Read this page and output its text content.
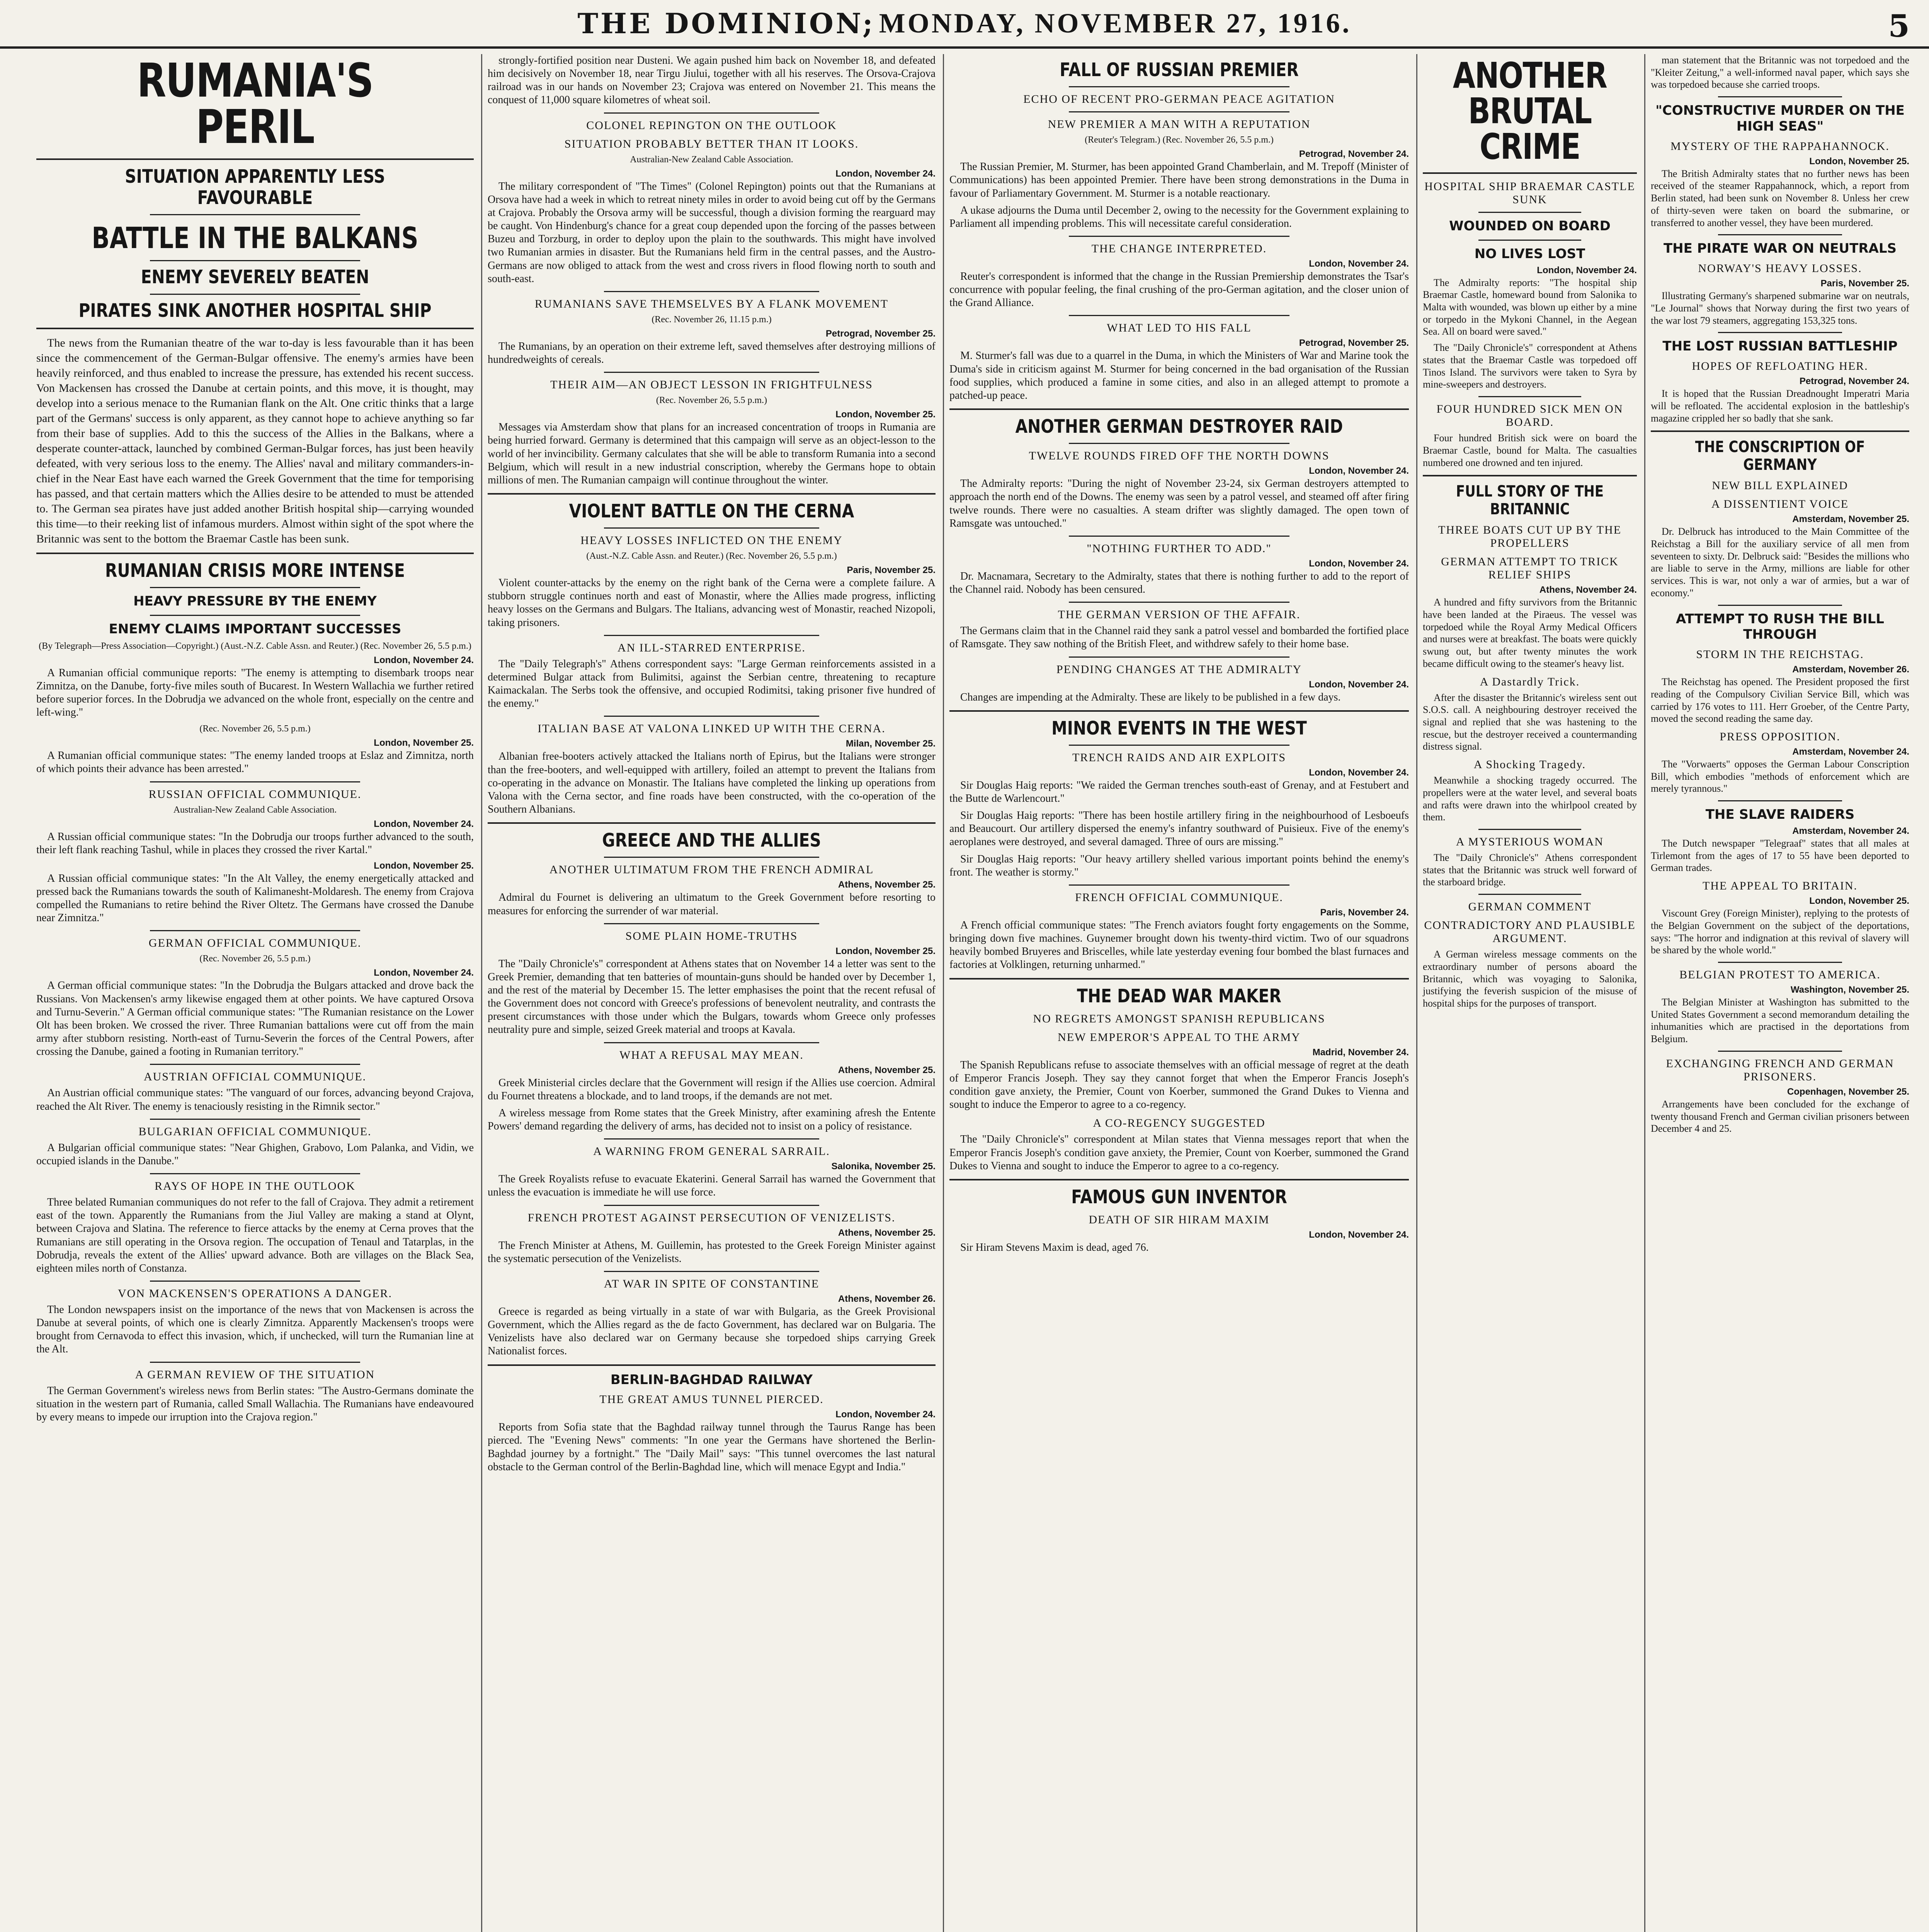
THE DOMINION;
MONDAY, NOVEMBER 27, 1916.	5
RUMANIA'S PERIL
SITUATION APPARENTLY LESS FAVOURABLE
BATTLE IN THE BALKANS
ENEMY SEVERELY BEATEN
PIRATES SINK ANOTHER HOSPITAL SHIP

The news from the Rumanian theatre of the war to-day is less favourable than it has been since the commencement of the German-Bulgar offensive. The enemy's armies have been heavily reinforced, and thus enabled to increase the pressure, has extended his recent success. Von Mackensen has crossed the Danube at certain points, and this move, it is thought, may develop into a serious menace to the Rumanian flank on the Alt. One critic thinks that a large part of the Germans' success is only apparent, as they cannot hope to achieve anything so far from their base of supplies. Add to this the success of the Allies in the Balkans, where a desperate counter-attack, launched by combined German-Bulgar forces, has just been heavily defeated, with very serious loss to the enemy. The Allies' naval and military commanders-in-chief in the Near East have each warned the Greek Government that the time for temporising has passed, and that certain matters which the Allies desire to be attended to must be attended to. The German sea pirates have just added another British hospital ship—carrying wounded this time—to their reeking list of infamous murders. Almost within sight of the spot where the Britannic was sent to the bottom the Braemar Castle has been sunk.

RUMANIAN CRISIS MORE INTENSE
HEAVY PRESSURE BY THE ENEMY
ENEMY CLAIMS IMPORTANT SUCCESSES
(By Telegraph—Press Association—Copyright.) (Aust.-N.Z. Cable Assn. and Reuter.) (Rec. November 26, 5.5 p.m.)
London, November 24.

A Rumanian official communique reports: "The enemy is attempting to disembark troops near Zimnitza, on the Danube, forty-five miles south of Bucarest. In Western Wallachia we further retired before superior forces. In the Dobrudja we advanced on the whole front, especially on the centre and left-wing."

(Rec. November 26, 5.5 p.m.)
London, November 25.

A Rumanian official communique states: "The enemy landed troops at Eslaz and Zimnitza, north of which points their advance has been arrested."

RUSSIAN OFFICIAL COMMUNIQUE.
Australian-New Zealand Cable Association.
London, November 24.

A Russian official communique states: "In the Dobrudja our troops further advanced to the south, their left flank reaching Tashul, while in places they crossed the river Kartal."

London, November 25.

A Russian official communique states: "In the Alt Valley, the enemy energetically attacked and pressed back the Rumanians towards the south of Kalimanesht-Moldaresh. The enemy from Crajova compelled the Rumanians to retire behind the River Oltetz. The Germans have crossed the Danube near Zimnitza."

GERMAN OFFICIAL COMMUNIQUE.
(Rec. November 26, 5.5 p.m.)
London, November 24.

A German official communique states: "In the Dobrudja the Bulgars attacked and drove back the Russians. Von Mackensen's army likewise engaged them at other points. We have captured Orsova and Turnu-Severin." A German official communique states: "The Rumanian resistance on the Lower Olt has been broken. We crossed the river. Three Rumanian battalions were cut off from the main army after stubborn resisting. North-east of Turnu-Severin the forces of the Central Powers, after crossing the Danube, gained a footing in Rumanian territory."

AUSTRIAN OFFICIAL COMMUNIQUE.

An Austrian official communique states: "The vanguard of our forces, advancing beyond Crajova, reached the Alt River. The enemy is tenaciously resisting in the Rimnik sector."

BULGARIAN OFFICIAL COMMUNIQUE.

A Bulgarian official communique states: "Near Ghighen, Grabovo, Lom Palanka, and Vidin, we occupied islands in the Danube."

RAYS OF HOPE IN THE OUTLOOK

Three belated Rumanian communiques do not refer to the fall of Crajova. They admit a retirement east of the town. Apparently the Rumanians from the Jiul Valley are making a stand at Olynt, between Crajova and Slatina. The reference to fierce attacks by the enemy at Cerna proves that the Rumanians are still operating in the Orsova region. The occupation of Tenaul and Tatarplas, in the Dobrudja, reveals the extent of the Allies' upward advance. Both are villages on the Black Sea, eighteen miles north of Constanza.

VON MACKENSEN'S OPERATIONS A DANGER.

The London newspapers insist on the importance of the news that von Mackensen is across the Danube at several points, of which one is clearly Zimnitza. Apparently Mackensen's troops were brought from Cernavoda to effect this invasion, which, if unchecked, will turn the Rumanian line at the Alt.

A GERMAN REVIEW OF THE SITUATION

The German Government's wireless news from Berlin states: "The Austro-Germans dominate the situation in the western part of Rumania, called Small Wallachia. The Rumanians have endeavoured by every means to impede our irruption into the Crajova region."

strongly-fortified position near Dusteni. We again pushed him back on November 18, and defeated him decisively on November 18, near Tirgu Jiului, together with all his reserves. The Orsova-Crajova railroad was in our hands on November 23; Crajova was entered on November 21. This means the conquest of 11,000 square kilometres of wheat soil.

COLONEL REPINGTON ON THE OUTLOOK
SITUATION PROBABLY BETTER THAN IT LOOKS.
Australian-New Zealand Cable Association.
London, November 24.

The military correspondent of "The Times" (Colonel Repington) points out that the Rumanians at Orsova have had a week in which to retreat ninety miles in order to avoid being cut off by the Germans at Crajova. Probably the Orsova army will be successful, though a division forming the rearguard may be caught. Von Hindenburg's chance for a great coup depended upon the forcing of the passes between Buzeu and Torzburg, in order to deploy upon the plain to the southwards. This might have involved two Rumanian armies in disaster. But the Rumanians held firm in the central passes, and the Austro-Germans are now obliged to attack from the west and cross rivers in flood flowing north to south and south-east.

RUMANIANS SAVE THEMSELVES BY A FLANK MOVEMENT
(Rec. November 26, 11.15 p.m.)
Petrograd, November 25.

The Rumanians, by an operation on their extreme left, saved themselves after destroying millions of hundredweights of cereals.

THEIR AIM—AN OBJECT LESSON IN FRIGHTFULNESS
(Rec. November 26, 5.5 p.m.)
London, November 25.

Messages via Amsterdam show that plans for an increased concentration of troops in Rumania are being hurried forward. Germany is determined that this campaign will serve as an object-lesson to the world of her invincibility. Germany calculates that she will be able to transform Rumania into a second Belgium, which will result in a new industrial conscription, whereby the Germans hope to obtain millions of men. The Rumanian campaign will continue throughout the winter.

VIOLENT BATTLE ON THE CERNA
HEAVY LOSSES INFLICTED ON THE ENEMY
(Aust.-N.Z. Cable Assn. and Reuter.) (Rec. November 26, 5.5 p.m.)
Paris, November 25.

Violent counter-attacks by the enemy on the right bank of the Cerna were a complete failure. A stubborn struggle continues north and east of Monastir, where the Allies made progress, inflicting heavy losses on the Germans and Bulgars. The Italians, advancing west of Monastir, reached Nizopoli, taking prisoners.

AN ILL-STARRED ENTERPRISE.

The "Daily Telegraph's" Athens correspondent says: "Large German reinforcements assisted in a determined Bulgar attack from Bulimitsi, against the Serbian centre, threatening to recapture Kaimackalan. The Serbs took the offensive, and occupied Rodimitsi, taking prisoner five hundred of the enemy."

ITALIAN BASE AT VALONA LINKED UP WITH THE CERNA.
Milan, November 25.

Albanian free-booters actively attacked the Italians north of Epirus, but the Italians were stronger than the free-booters, and well-equipped with artillery, foiled an attempt to prevent the Italians from co-operating in the advance on Monastir. The Italians have completed the linking up operations from Valona with the Cerna sector, and fine roads have been constructed, with the co-operation of the Southern Albanians.

GREECE AND THE ALLIES
ANOTHER ULTIMATUM FROM THE FRENCH ADMIRAL
Athens, November 25.

Admiral du Fournet is delivering an ultimatum to the Greek Government before resorting to measures for enforcing the surrender of war material.

SOME PLAIN HOME-TRUTHS
London, November 25.

The "Daily Chronicle's" correspondent at Athens states that on November 14 a letter was sent to the Greek Premier, demanding that ten batteries of mountain-guns should be handed over by December 1, and the rest of the material by December 15. The letter emphasises the point that the recent refusal of the Government does not concord with Greece's professions of benevolent neutrality, and contrasts the present circumstances with those under which the Bulgars, towards whom Greece only professes neutrality pure and simple, seized Greek material and troops at Kavala.

WHAT A REFUSAL MAY MEAN.
Athens, November 25.

Greek Ministerial circles declare that the Government will resign if the Allies use coercion. Admiral du Fournet threatens a blockade, and to land troops, if the demands are not met.

A wireless message from Rome states that the Greek Ministry, after examining afresh the Entente Powers' demand regarding the delivery of arms, has decided not to insist on a policy of resistance.

A WARNING FROM GENERAL SARRAIL.
Salonika, November 25.

The Greek Royalists refuse to evacuate Ekaterini. General Sarrail has warned the Government that unless the evacuation is immediate he will use force.

FRENCH PROTEST AGAINST PERSECUTION OF VENIZELISTS.
Athens, November 25.

The French Minister at Athens, M. Guillemin, has protested to the Greek Foreign Minister against the systematic persecution of the Venizelists.

AT WAR IN SPITE OF CONSTANTINE
Athens, November 26.

Greece is regarded as being virtually in a state of war with Bulgaria, as the Greek Provisional Government, which the Allies regard as the de facto Government, has declared war on Bulgaria. The Venizelists have also declared war on Germany because she torpedoed ships carrying Greek Nationalist forces.

BERLIN-BAGHDAD RAILWAY
THE GREAT AMUS TUNNEL PIERCED.
London, November 24.

Reports from Sofia state that the Baghdad railway tunnel through the Taurus Range has been pierced. The "Evening News" comments: "In one year the Germans have shortened the Berlin-Baghdad journey by a fortnight." The "Daily Mail" says: "This tunnel overcomes the last natural obstacle to the German control of the Berlin-Baghdad line, which will menace Egypt and India."

FALL OF RUSSIAN PREMIER
ECHO OF RECENT PRO-GERMAN PEACE AGITATION
NEW PREMIER A MAN WITH A REPUTATION
(Reuter's Telegram.) (Rec. November 26, 5.5 p.m.)
Petrograd, November 24.

The Russian Premier, M. Sturmer, has been appointed Grand Chamberlain, and M. Trepoff (Minister of Communications) has been appointed Premier. There have been strong demonstrations in the Duma in favour of Parliamentary Government. M. Sturmer is a notable reactionary.

A ukase adjourns the Duma until December 2, owing to the necessity for the Government explaining to Parliament all impending problems. This will necessitate careful consideration.

THE CHANGE INTERPRETED.
London, November 24.

Reuter's correspondent is informed that the change in the Russian Premiership demonstrates the Tsar's concurrence with popular feeling, the final crushing of the pro-German agitation, and the closer union of the Grand Alliance.

WHAT LED TO HIS FALL
Petrograd, November 25.

M. Sturmer's fall was due to a quarrel in the Duma, in which the Ministers of War and Marine took the Duma's side in criticism against M. Sturmer for being concerned in the bad organisation of the Russian food supplies, which produced a famine in some cities, and also in an alleged attempt to promote a patched-up peace.

ANOTHER GERMAN DESTROYER RAID
TWELVE ROUNDS FIRED OFF THE NORTH DOWNS
London, November 24.

The Admiralty reports: "During the night of November 23-24, six German destroyers attempted to approach the north end of the Downs. The enemy was seen by a patrol vessel, and steamed off after firing twelve rounds. There were no casualties. A steam drifter was slightly damaged. The open town of Ramsgate was untouched."

"NOTHING FURTHER TO ADD."
London, November 24.

Dr. Macnamara, Secretary to the Admiralty, states that there is nothing further to add to the report of the Channel raid. Nobody has been censured.

THE GERMAN VERSION OF THE AFFAIR.

The Germans claim that in the Channel raid they sank a patrol vessel and bombarded the fortified place of Ramsgate. They saw nothing of the British Fleet, and withdrew safely to their home base.

PENDING CHANGES AT THE ADMIRALTY
London, November 24.

Changes are impending at the Admiralty. These are likely to be published in a few days.

MINOR EVENTS IN THE WEST
TRENCH RAIDS AND AIR EXPLOITS
London, November 24.

Sir Douglas Haig reports: "We raided the German trenches south-east of Grenay, and at Festubert and the Butte de Warlencourt."

Sir Douglas Haig reports: "There has been hostile artillery firing in the neighbourhood of Lesboeufs and Beaucourt. Our artillery dispersed the enemy's infantry southward of Puisieux. Five of the enemy's aeroplanes were destroyed, and several damaged. Three of ours are missing."

Sir Douglas Haig reports: "Our heavy artillery shelled various important points behind the enemy's front. The weather is stormy."

FRENCH OFFICIAL COMMUNIQUE.
Paris, November 24.

A French official communique states: "The French aviators fought forty engagements on the Somme, bringing down five machines. Guynemer brought down his twenty-third victim. Two of our squadrons heavily bombed Bruyeres and Briscelles, while late yesterday evening four bombed the blast furnaces and factories at Volklingen, returning unharmed."

THE DEAD WAR MAKER
NO REGRETS AMONGST SPANISH REPUBLICANS
NEW EMPEROR'S APPEAL TO THE ARMY
Madrid, November 24.

The Spanish Republicans refuse to associate themselves with an official message of regret at the death of Emperor Francis Joseph. They say they cannot forget that when the Emperor Francis Joseph's condition gave anxiety, the Premier, Count von Koerber, summoned the Grand Dukes to Vienna and sought to induce the Emperor to agree to a co-regency.

A CO-REGENCY SUGGESTED

The "Daily Chronicle's" correspondent at Milan states that Vienna messages report that when the Emperor Francis Joseph's condition gave anxiety, the Premier, Count von Koerber, summoned the Grand Dukes to Vienna and sought to induce the Emperor to agree to a co-regency.

FAMOUS GUN INVENTOR
DEATH OF SIR HIRAM MAXIM
London, November 24.

Sir Hiram Stevens Maxim is dead, aged 76.

ANOTHER BRUTAL CRIME
HOSPITAL SHIP BRAEMAR CASTLE SUNK
WOUNDED ON BOARD
NO LIVES LOST
London, November 24.

The Admiralty reports: "The hospital ship Braemar Castle, homeward bound from Salonika to Malta with wounded, was blown up either by a mine or torpedo in the Mykoni Channel, in the Aegean Sea. All on board were saved."

The "Daily Chronicle's" correspondent at Athens states that the Braemar Castle was torpedoed off Tinos Island. The survivors were taken to Syra by mine-sweepers and destroyers.

FOUR HUNDRED SICK MEN ON BOARD.

Four hundred British sick were on board the Braemar Castle, bound for Malta. The casualties numbered one drowned and ten injured.

FULL STORY OF THE BRITANNIC
THREE BOATS CUT UP BY THE PROPELLERS
GERMAN ATTEMPT TO TRICK RELIEF SHIPS
Athens, November 24.

A hundred and fifty survivors from the Britannic have been landed at the Piraeus. The vessel was torpedoed while the Royal Army Medical Officers and nurses were at breakfast. The boats were quickly swung out, but after twenty minutes the work became difficult owing to the steamer's heavy list.

A Dastardly Trick.

After the disaster the Britannic's wireless sent out S.O.S. call. A neighbouring destroyer received the signal and replied that she was hastening to the rescue, but the destroyer received a countermanding distress signal.

A Shocking Tragedy.

Meanwhile a shocking tragedy occurred. The propellers were at the water level, and several boats and rafts were drawn into the whirlpool created by them.

A MYSTERIOUS WOMAN

The "Daily Chronicle's" Athens correspondent states that the Britannic was struck well forward of the starboard bridge.

GERMAN COMMENT
CONTRADICTORY AND PLAUSIBLE ARGUMENT.

A German wireless message comments on the extraordinary number of persons aboard the Britannic, which was voyaging to Salonika, justifying the feverish suspicion of the misuse of hospital ships for the purposes of transport.

man statement that the Britannic was not torpedoed and the "Kleiter Zeitung," a well-informed naval paper, which says she was torpedoed because she carried troops.

"CONSTRUCTIVE MURDER ON THE HIGH SEAS"
MYSTERY OF THE RAPPAHANNOCK.
London, November 25.

The British Admiralty states that no further news has been received of the steamer Rappahannock, which, a report from Berlin stated, had been sunk on November 8. Unless her crew of thirty-seven were taken on board the submarine, or transferred to another vessel, they have been murdered.

THE PIRATE WAR ON NEUTRALS
NORWAY'S HEAVY LOSSES.
Paris, November 25.

Illustrating Germany's sharpened submarine war on neutrals, "Le Journal" shows that Norway during the first two years of the war lost 79 steamers, aggregating 153,325 tons.

THE LOST RUSSIAN BATTLESHIP
HOPES OF REFLOATING HER.
Petrograd, November 24.

It is hoped that the Russian Dreadnought Imperatri Maria will be refloated. The accidental explosion in the battleship's magazine crippled her so badly that she sank.

THE CONSCRIPTION OF GERMANY
NEW BILL EXPLAINED
A DISSENTIENT VOICE
Amsterdam, November 25.

Dr. Delbruck has introduced to the Main Committee of the Reichstag a Bill for the auxiliary service of all men from seventeen to sixty. Dr. Delbruck said: "Besides the millions who are liable to serve in the Army, millions are liable for other services. This is war, not only a war of armies, but a war of economy."

ATTEMPT TO RUSH THE BILL THROUGH
STORM IN THE REICHSTAG.
Amsterdam, November 26.

The Reichstag has opened. The President proposed the first reading of the Compulsory Civilian Service Bill, which was carried by 176 votes to 111. Herr Groeber, of the Centre Party, moved the second reading the same day.

PRESS OPPOSITION.
Amsterdam, November 24.

The "Vorwaerts" opposes the German Labour Conscription Bill, which embodies "methods of enforcement which are merely tyrannous."

THE SLAVE RAIDERS
Amsterdam, November 24.

The Dutch newspaper "Telegraaf" states that all males at Tirlemont from the ages of 17 to 55 have been deported to German trades.

THE APPEAL TO BRITAIN.
London, November 25.

Viscount Grey (Foreign Minister), replying to the protests of the Belgian Government on the subject of the deportations, says: "The horror and indignation at this revival of slavery will be shared by the whole world."

BELGIAN PROTEST TO AMERICA.
Washington, November 25.

The Belgian Minister at Washington has submitted to the United States Government a second memorandum detailing the inhumanities which are practised in the deportations from Belgium.

EXCHANGING FRENCH AND GERMAN PRISONERS.
Copenhagen, November 25.

Arrangements have been concluded for the exchange of twenty thousand French and German civilian prisoners between December 4 and 25.
